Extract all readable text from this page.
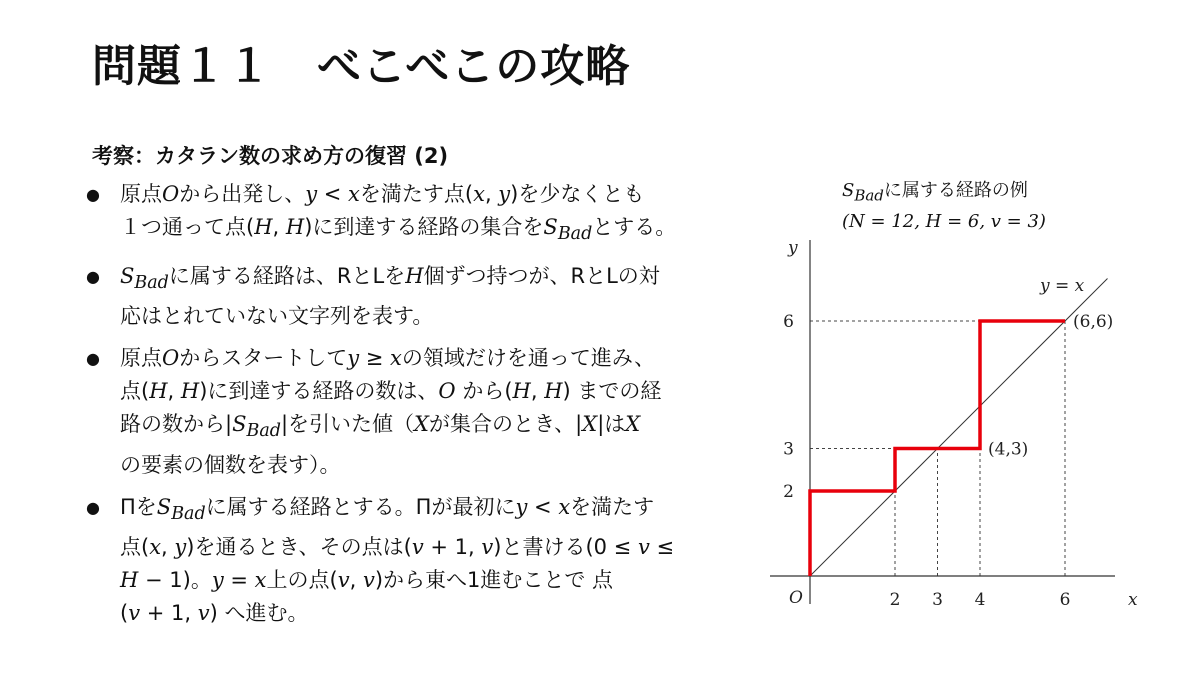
問題１１　べこべこの攻略
考察：カタラン数の求め方の復習 (2)
● 原点Oから出発し、y < xを満たす点(x, y)を少なくとも
１つ通って点(H, H)に到達する経路の集合を$S_{Bad}$とする。
● $S_{Bad}$に属する経路は、RとLをH個ずつ持つが、RとLの対
応はとれていない文字列を表す。
● 原点Oからスタートしてy ≥ xの領域だけを通って進み、
点(H, H)に到達する経路の数は、O から(H, H) までの経
路の数から$|S_{Bad}|$を引いた値（Xが集合のとき、|X|はX
の要素の個数を表す）。
● Πを$S_{Bad}$に属する経路とする。Πが最初にy < xを満たす
点(x, y)を通るとき、その点は(v + 1, v)と書ける(0 ≤ v ≤
H − 1)。y = x上の点(v, v)から東へ1進むことで 点
(v + 1, v) へ進む。
$S_{Bad}$に属する経路の例
(N = 12, H = 6, v = 3)
2 3 4	6
2
3
6	(6,6)
(4,3)
x
y
O
y = x
